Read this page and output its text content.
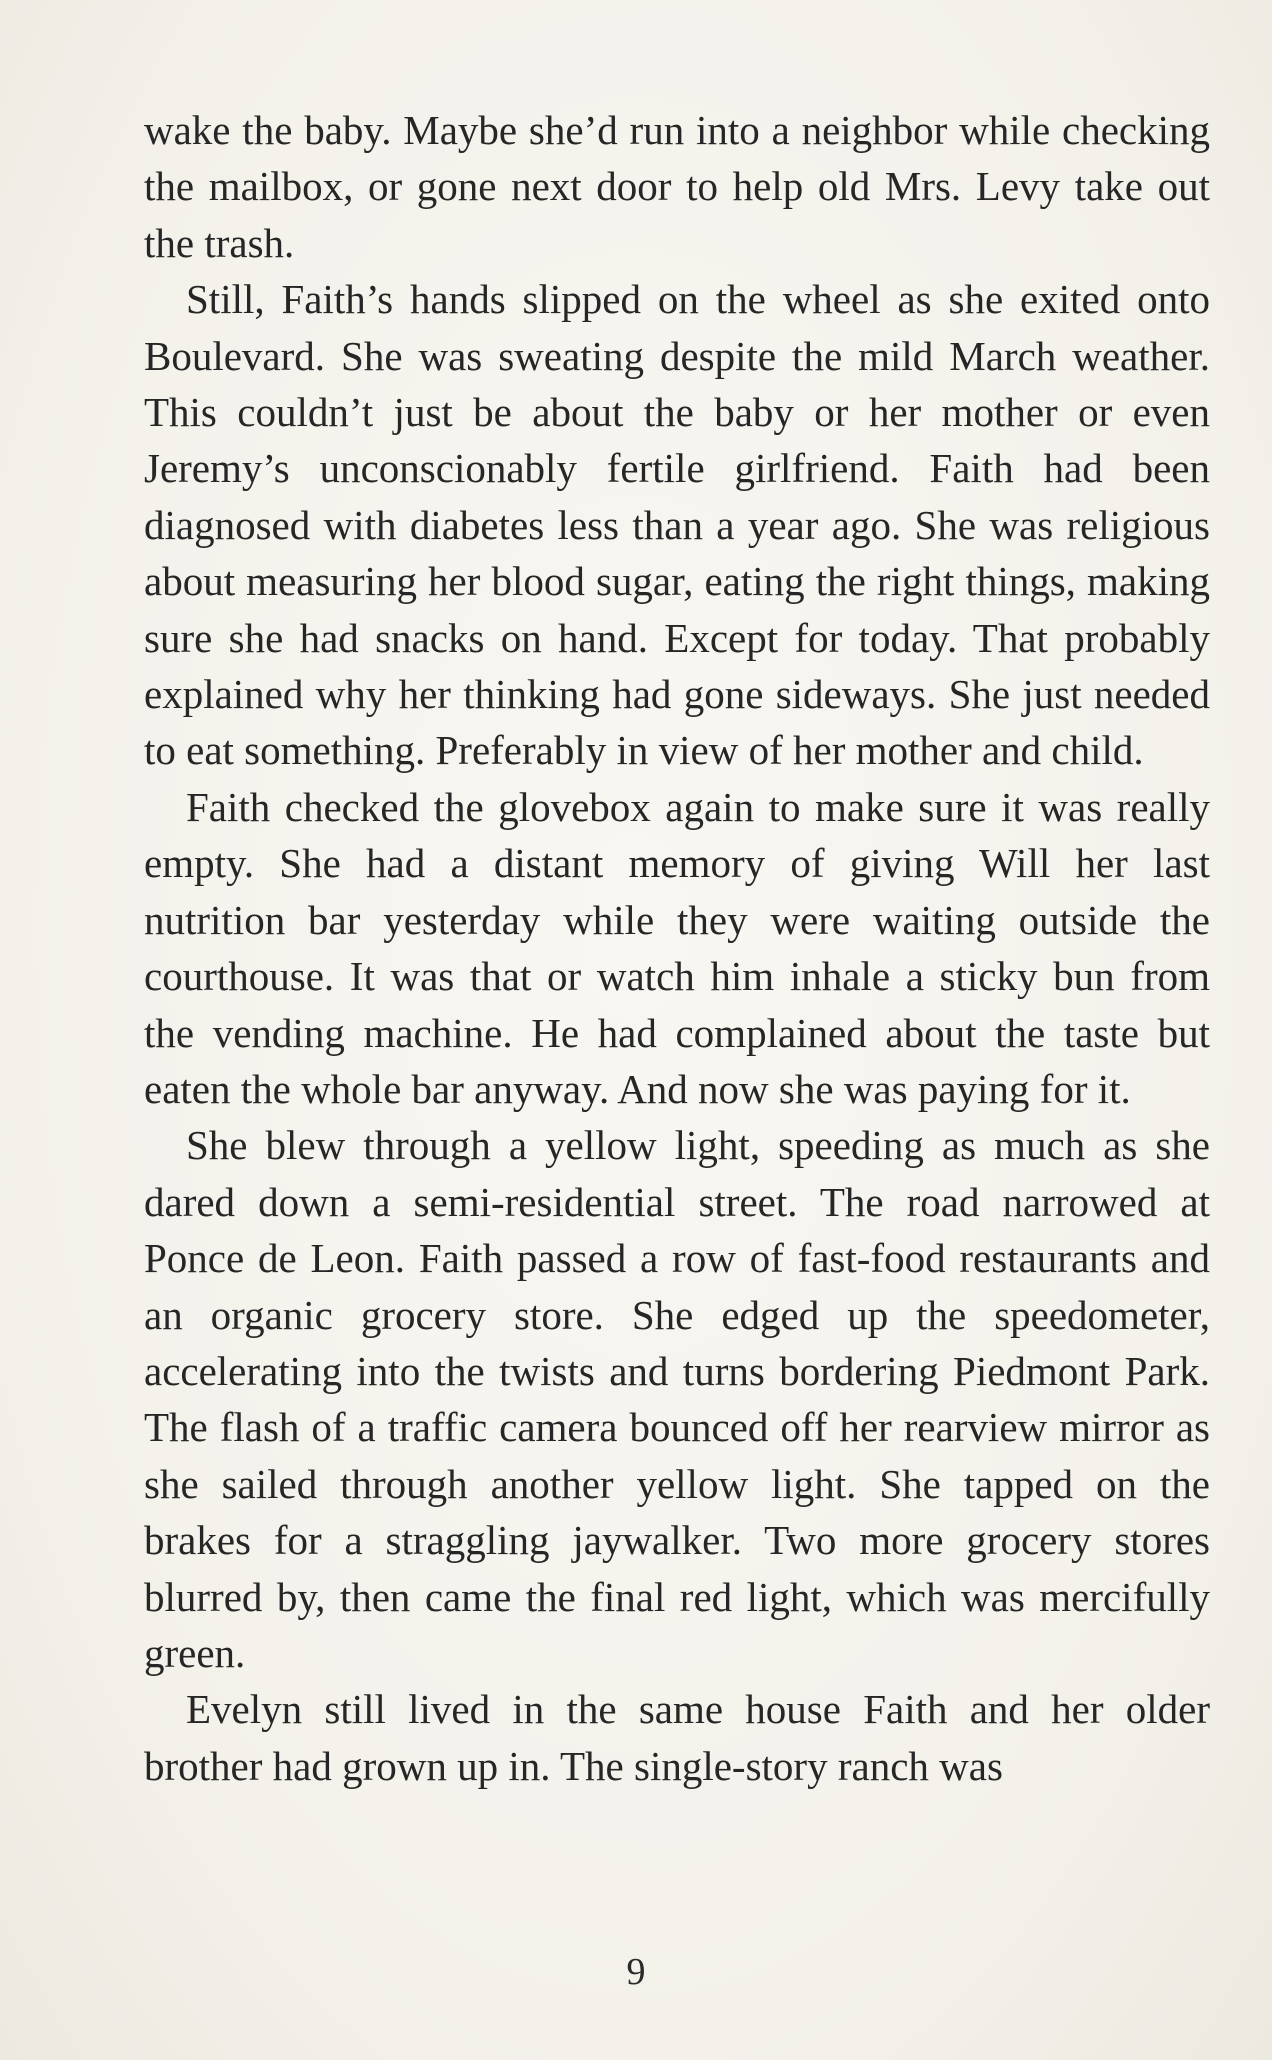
wake the baby. Maybe she’d run into a neighbor while checking the mailbox, or gone next door to help old Mrs. Levy take out the trash.

Still, Faith’s hands slipped on the wheel as she exited onto Boulevard. She was sweating despite the mild March weather. This couldn’t just be about the baby or her mother or even Jeremy’s unconscionably fertile girlfriend. Faith had been diagnosed with diabetes less than a year ago. She was religious about measuring her blood sugar, eating the right things, making sure she had snacks on hand. Except for today. That probably explained why her thinking had gone sideways. She just needed to eat something. Preferably in view of her mother and child.

Faith checked the glovebox again to make sure it was really empty. She had a distant memory of giving Will her last nutrition bar yesterday while they were waiting outside the courthouse. It was that or watch him inhale a sticky bun from the vending machine. He had complained about the taste but eaten the whole bar anyway. And now she was paying for it.

She blew through a yellow light, speeding as much as she dared down a semi-residential street. The road narrowed at Ponce de Leon. Faith passed a row of fast-food restaurants and an organic grocery store. She edged up the speedometer, accelerating into the twists and turns bordering Piedmont Park. The flash of a traffic camera bounced off her rearview mirror as she sailed through another yellow light. She tapped on the brakes for a straggling jaywalker. Two more grocery stores blurred by, then came the final red light, which was mercifully green.

Evelyn still lived in the same house Faith and her older brother had grown up in. The single-story ranch was

9
